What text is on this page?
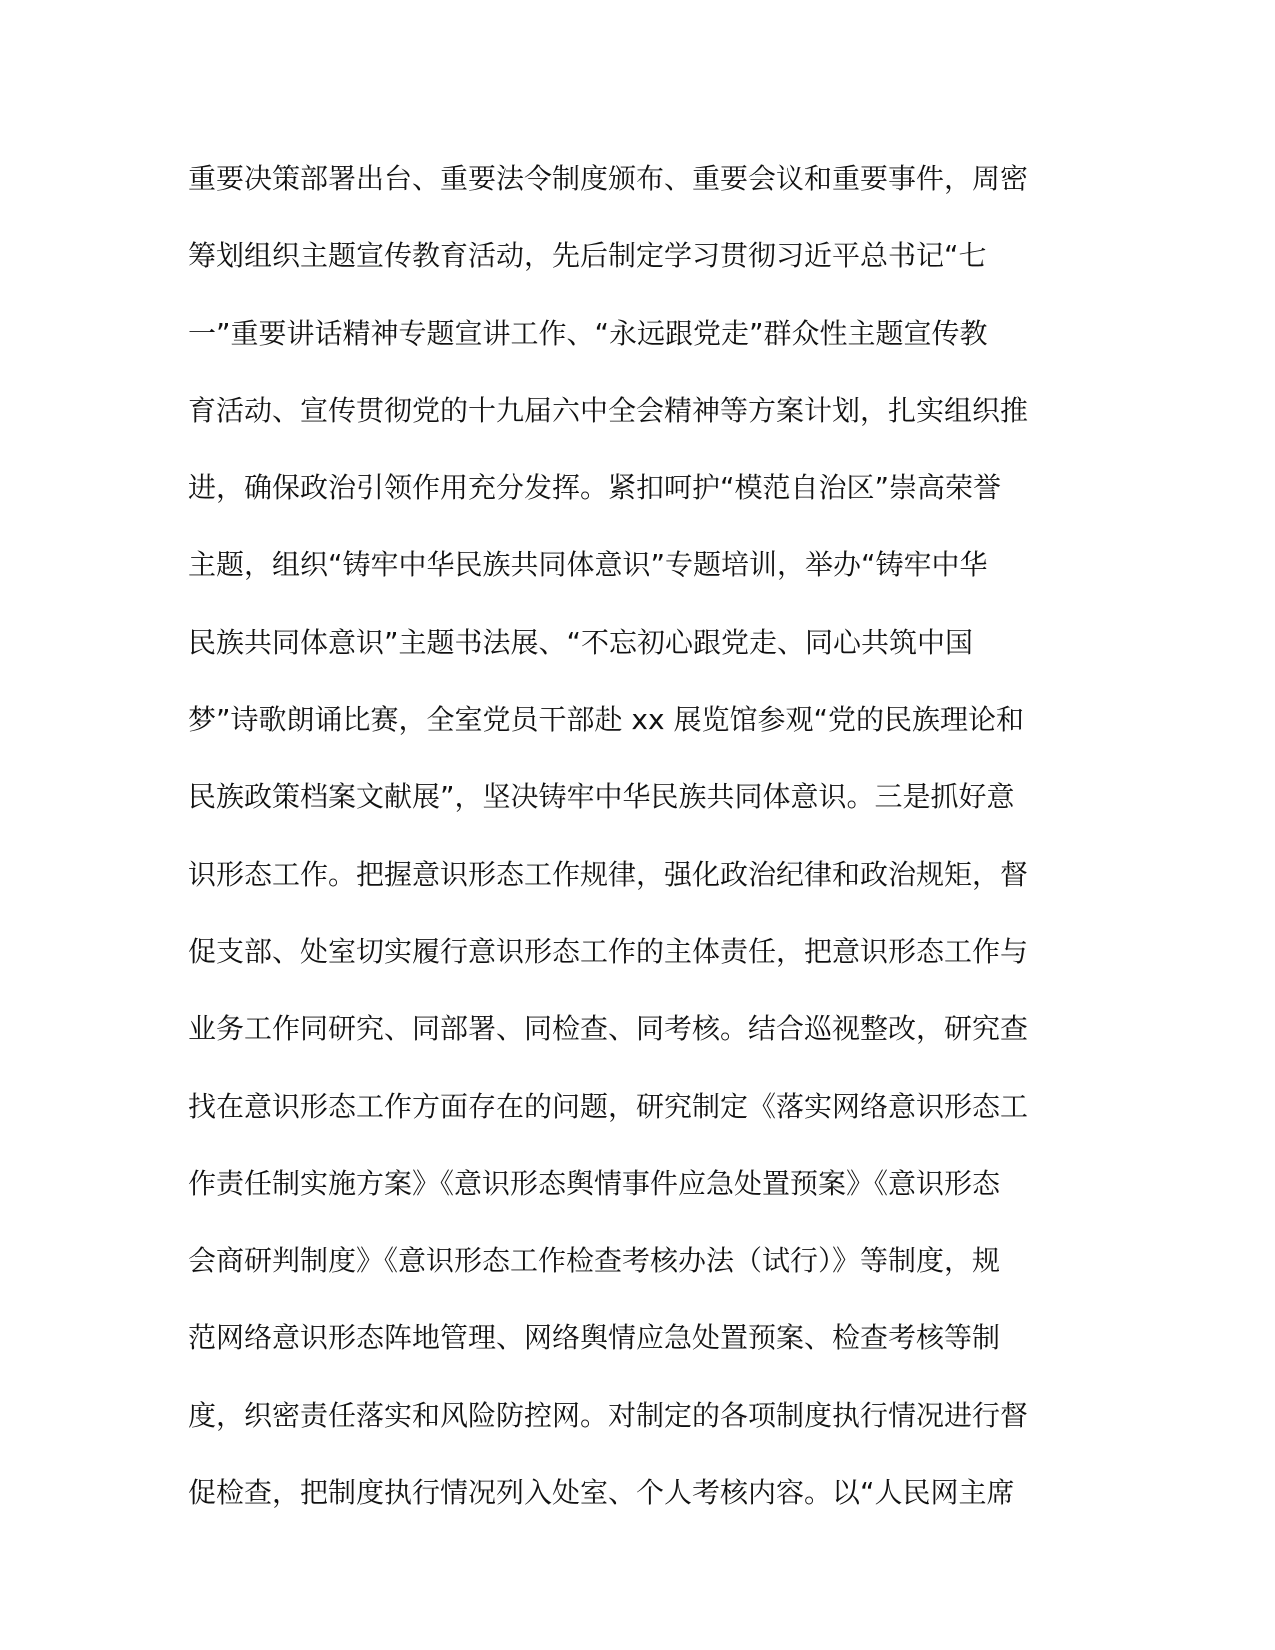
重要决策部署出台、重要法令制度颁布、重要会议和重要事件，周密
筹划组织主题宣传教育活动，先后制定学习贯彻习近平总书记“七
一”重要讲话精神专题宣讲工作、“永远跟党走”群众性主题宣传教
育活动、宣传贯彻党的十九届六中全会精神等方案计划，扎实组织推
进，确保政治引领作用充分发挥。紧扣呵护“模范自治区”崇高荣誉
主题，组织“铸牢中华民族共同体意识”专题培训，举办“铸牢中华
民族共同体意识”主题书法展、“不忘初心跟党走、同心共筑中国
梦”诗歌朗诵比赛，全室党员干部赴 xx 展览馆参观“党的民族理论和
民族政策档案文献展”，坚决铸牢中华民族共同体意识。三是抓好意
识形态工作。把握意识形态工作规律，强化政治纪律和政治规矩，督
促支部、处室切实履行意识形态工作的主体责任，把意识形态工作与
业务工作同研究、同部署、同检查、同考核。结合巡视整改，研究查
找在意识形态工作方面存在的问题，研究制定《落实网络意识形态工
作责任制实施方案》《意识形态舆情事件应急处置预案》《意识形态
会商研判制度》《意识形态工作检查考核办法（试行）》等制度，规
范网络意识形态阵地管理、网络舆情应急处置预案、检查考核等制
度，织密责任落实和风险防控网。对制定的各项制度执行情况进行督
促检查，把制度执行情况列入处室、个人考核内容。以“人民网主席
